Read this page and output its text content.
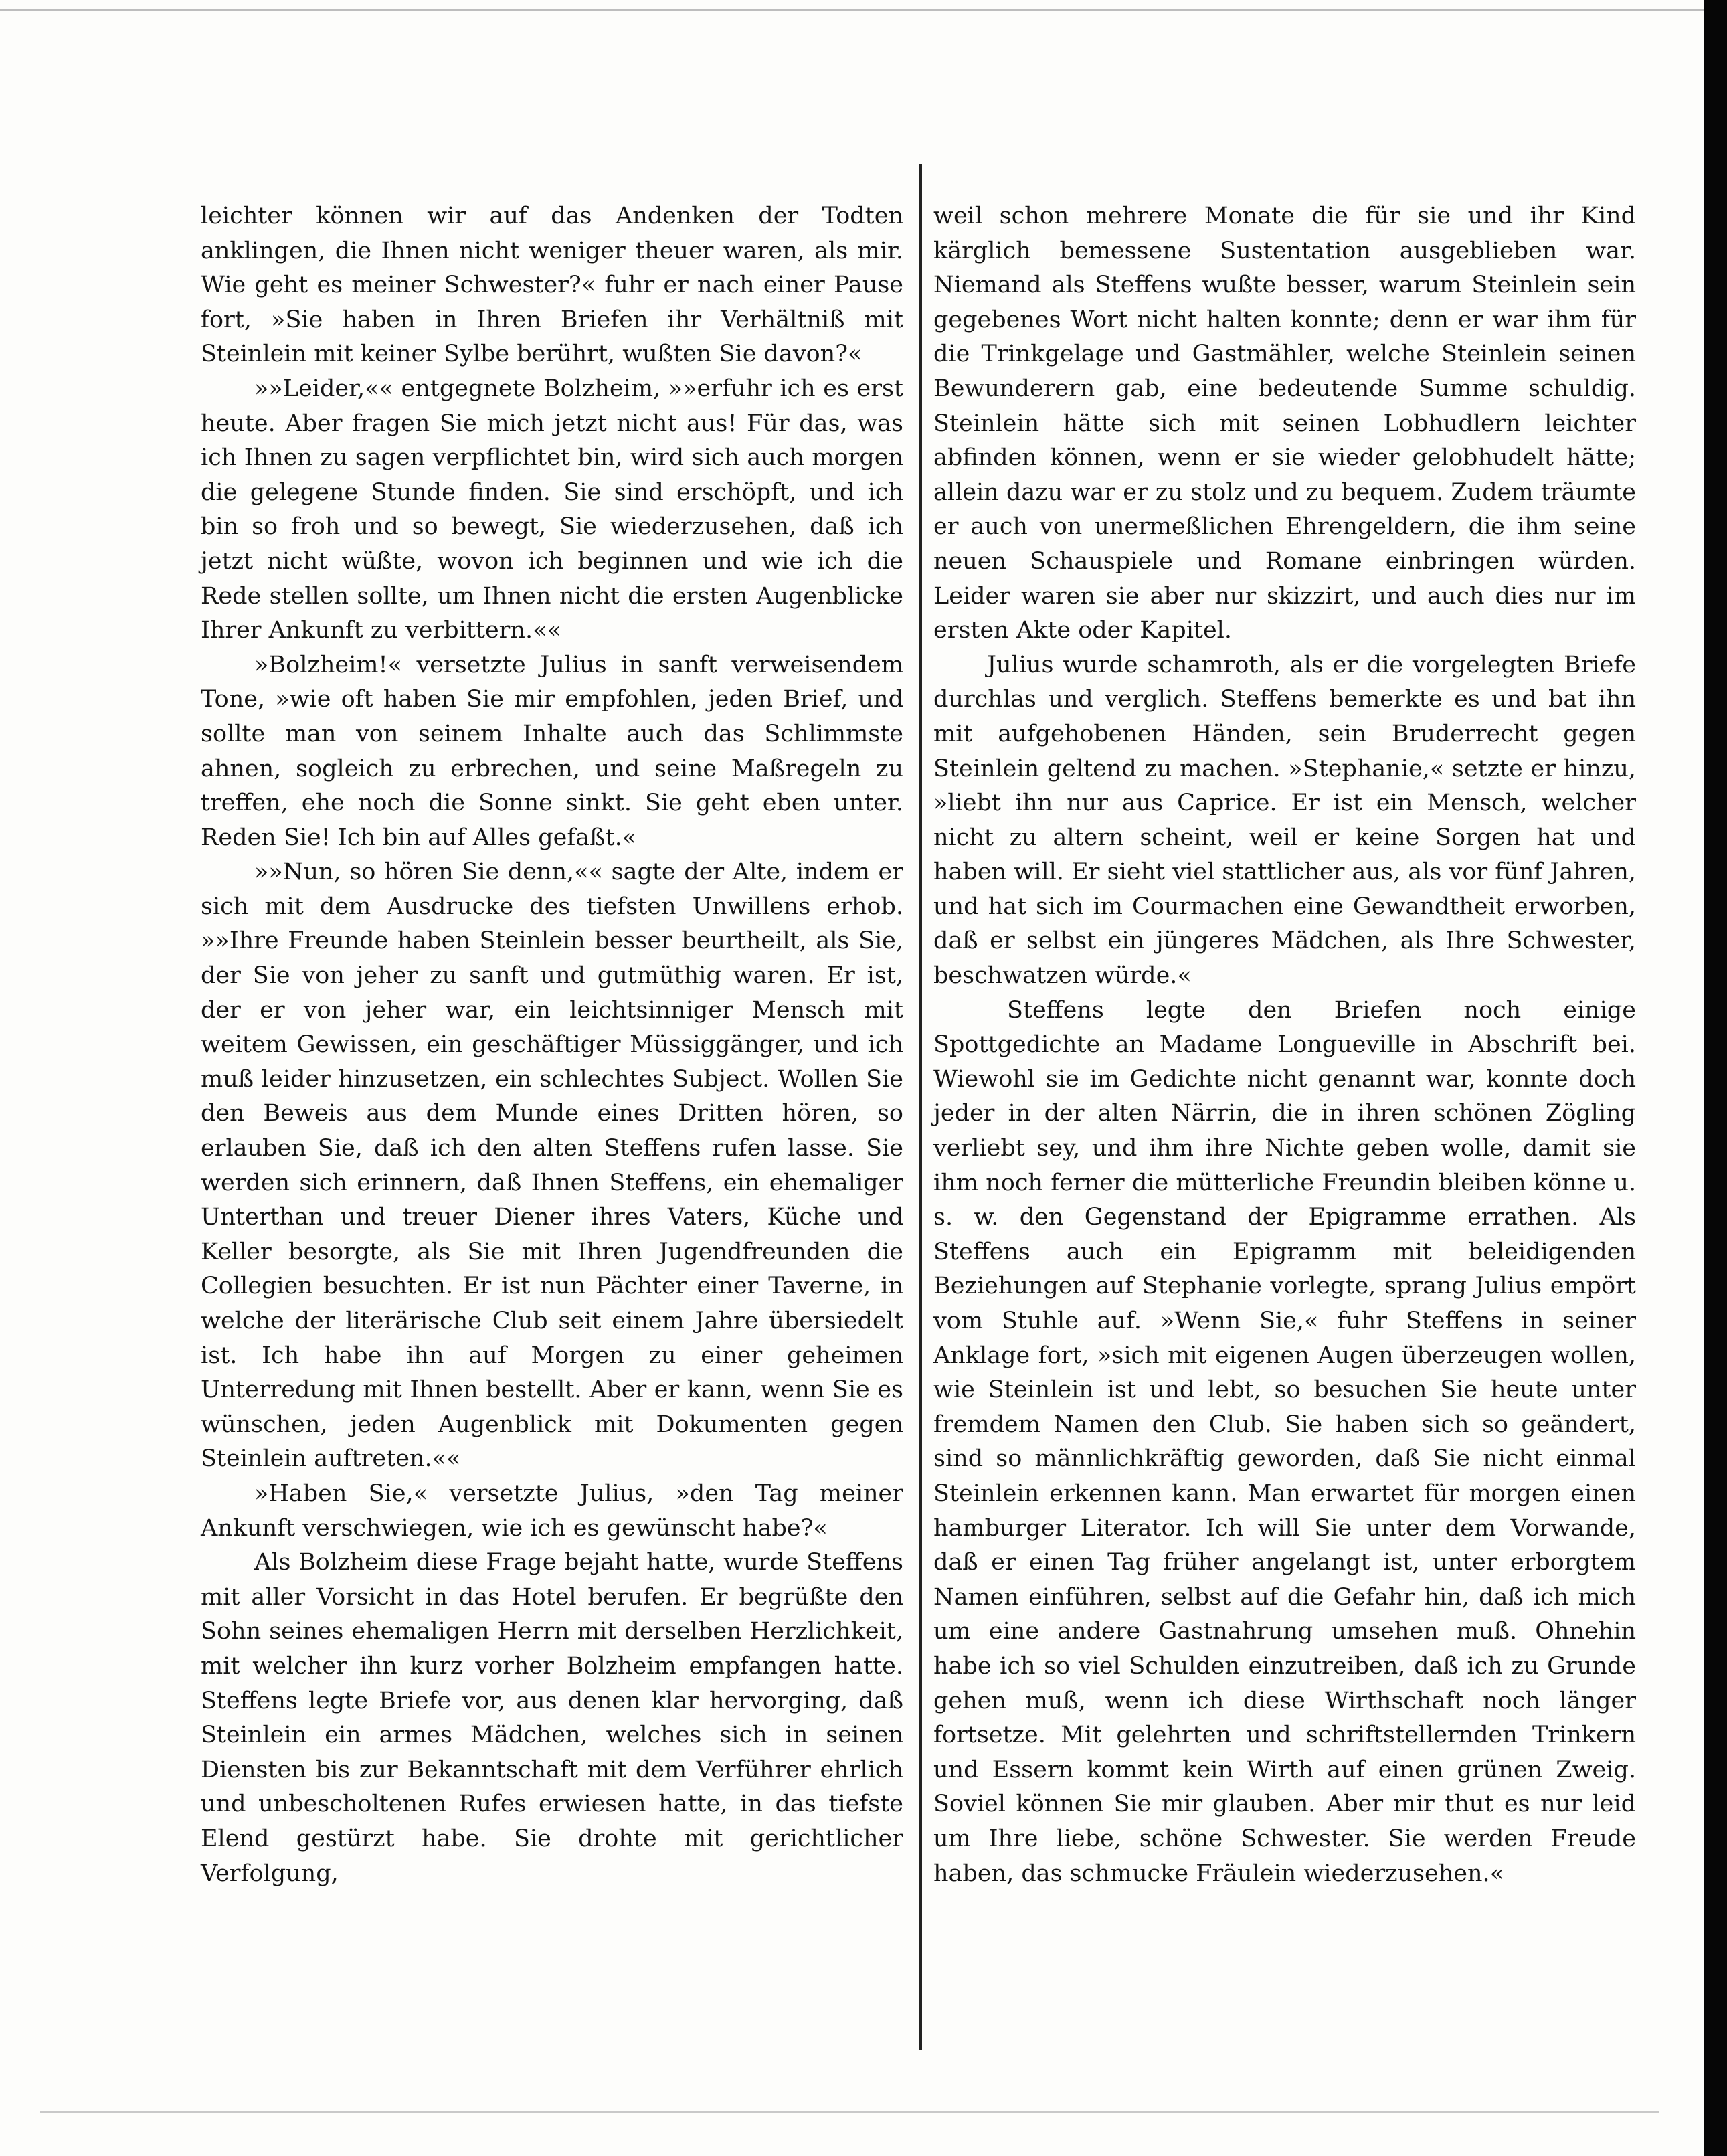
leichter können wir auf das Andenken der Todten anklingen, die Ihnen nicht weniger theuer waren, als mir. Wie geht es meiner Schwester?« fuhr er nach einer Pause fort, »Sie haben in Ihren Briefen ihr Verhältniß mit Steinlein mit keiner Sylbe berührt, wußten Sie davon?«

»»Leider,«« entgegnete Bolzheim, »»erfuhr ich es erst heute. Aber fragen Sie mich jetzt nicht aus! Für das, was ich Ihnen zu sagen verpflichtet bin, wird sich auch morgen die gelegene Stunde finden. Sie sind erschöpft, und ich bin so froh und so bewegt, Sie wiederzusehen, daß ich jetzt nicht wüßte, wovon ich beginnen und wie ich die Rede stellen sollte, um Ihnen nicht die ersten Augenblicke Ihrer Ankunft zu verbittern.««

»Bolzheim!« versetzte Julius in sanft verweisendem Tone, »wie oft haben Sie mir empfohlen, jeden Brief, und sollte man von seinem Inhalte auch das Schlimmste ahnen, sogleich zu erbrechen, und seine Maßregeln zu treffen, ehe noch die Sonne sinkt. Sie geht eben unter. Reden Sie! Ich bin auf Alles gefaßt.«

»»Nun, so hören Sie denn,«« sagte der Alte, indem er sich mit dem Ausdrucke des tiefsten Unwillens erhob. »»Ihre Freunde haben Steinlein besser beurtheilt, als Sie, der Sie von jeher zu sanft und gutmüthig waren. Er ist, der er von jeher war, ein leichtsinniger Mensch mit weitem Gewissen, ein geschäftiger Müssiggänger, und ich muß leider hinzusetzen, ein schlechtes Subject. Wollen Sie den Beweis aus dem Munde eines Dritten hören, so erlauben Sie, daß ich den alten Steffens rufen lasse. Sie werden sich erinnern, daß Ihnen Steffens, ein ehemaliger Unterthan und treuer Diener ihres Vaters, Küche und Keller besorgte, als Sie mit Ihren Jugendfreunden die Collegien besuchten. Er ist nun Pächter einer Taverne, in welche der literärische Club seit einem Jahre übersiedelt ist. Ich habe ihn auf Morgen zu einer geheimen Unterredung mit Ihnen bestellt. Aber er kann, wenn Sie es wünschen, jeden Augenblick mit Dokumenten gegen Steinlein auftreten.««

»Haben Sie,« versetzte Julius, »den Tag meiner Ankunft verschwiegen, wie ich es gewünscht habe?«

Als Bolzheim diese Frage bejaht hatte, wurde Steffens mit aller Vorsicht in das Hotel berufen. Er begrüßte den Sohn seines ehemaligen Herrn mit derselben Herzlichkeit, mit welcher ihn kurz vorher Bolzheim empfangen hatte. Steffens legte Briefe vor, aus denen klar hervorging, daß Steinlein ein armes Mädchen, welches sich in seinen Diensten bis zur Bekanntschaft mit dem Verführer ehrlich und unbescholtenen Rufes erwiesen hatte, in das tiefste Elend gestürzt habe. Sie drohte mit gerichtlicher Verfolgung,

weil schon mehrere Monate die für sie und ihr Kind kärglich bemessene Sustentation ausgeblieben war. Niemand als Steffens wußte besser, warum Steinlein sein gegebenes Wort nicht halten konnte; denn er war ihm für die Trinkgelage und Gastmähler, welche Steinlein seinen Bewunderern gab, eine bedeutende Summe schuldig. Steinlein hätte sich mit seinen Lobhudlern leichter abfinden können, wenn er sie wieder gelobhudelt hätte; allein dazu war er zu stolz und zu bequem. Zudem träumte er auch von unermeßlichen Ehrengeldern, die ihm seine neuen Schauspiele und Romane einbringen würden. Leider waren sie aber nur skizzirt, und auch dies nur im ersten Akte oder Kapitel.

Julius wurde schamroth, als er die vorgelegten Briefe durchlas und verglich. Steffens bemerkte es und bat ihn mit aufgehobenen Händen, sein Bruderrecht gegen Steinlein geltend zu machen. »Stephanie,« setzte er hinzu, »liebt ihn nur aus Caprice. Er ist ein Mensch, welcher nicht zu altern scheint, weil er keine Sorgen hat und haben will. Er sieht viel stattlicher aus, als vor fünf Jahren, und hat sich im Courmachen eine Gewandtheit erworben, daß er selbst ein jüngeres Mädchen, als Ihre Schwester, beschwatzen würde.«

Steffens legte den Briefen noch einige Spottgedichte an Madame Longueville in Abschrift bei. Wiewohl sie im Gedichte nicht genannt war, konnte doch jeder in der alten Närrin, die in ihren schönen Zögling verliebt sey, und ihm ihre Nichte geben wolle, damit sie ihm noch ferner die mütterliche Freundin bleiben könne u. s. w. den Gegenstand der Epigramme errathen. Als Steffens auch ein Epigramm mit beleidigenden Beziehungen auf Stephanie vorlegte, sprang Julius empört vom Stuhle auf. »Wenn Sie,« fuhr Steffens in seiner Anklage fort, »sich mit eigenen Augen überzeugen wollen, wie Steinlein ist und lebt, so besuchen Sie heute unter fremdem Namen den Club. Sie haben sich so geändert, sind so männlichkräftig geworden, daß Sie nicht einmal Steinlein erkennen kann. Man erwartet für morgen einen hamburger Literator. Ich will Sie unter dem Vorwande, daß er einen Tag früher angelangt ist, unter erborgtem Namen einführen, selbst auf die Gefahr hin, daß ich mich um eine andere Gastnahrung umsehen muß. Ohnehin habe ich so viel Schulden einzutreiben, daß ich zu Grunde gehen muß, wenn ich diese Wirthschaft noch länger fortsetze. Mit gelehrten und schriftstellernden Trinkern und Essern kommt kein Wirth auf einen grünen Zweig. Soviel können Sie mir glauben. Aber mir thut es nur leid um Ihre liebe, schöne Schwester. Sie werden Freude haben, das schmucke Fräulein wiederzusehen.«
